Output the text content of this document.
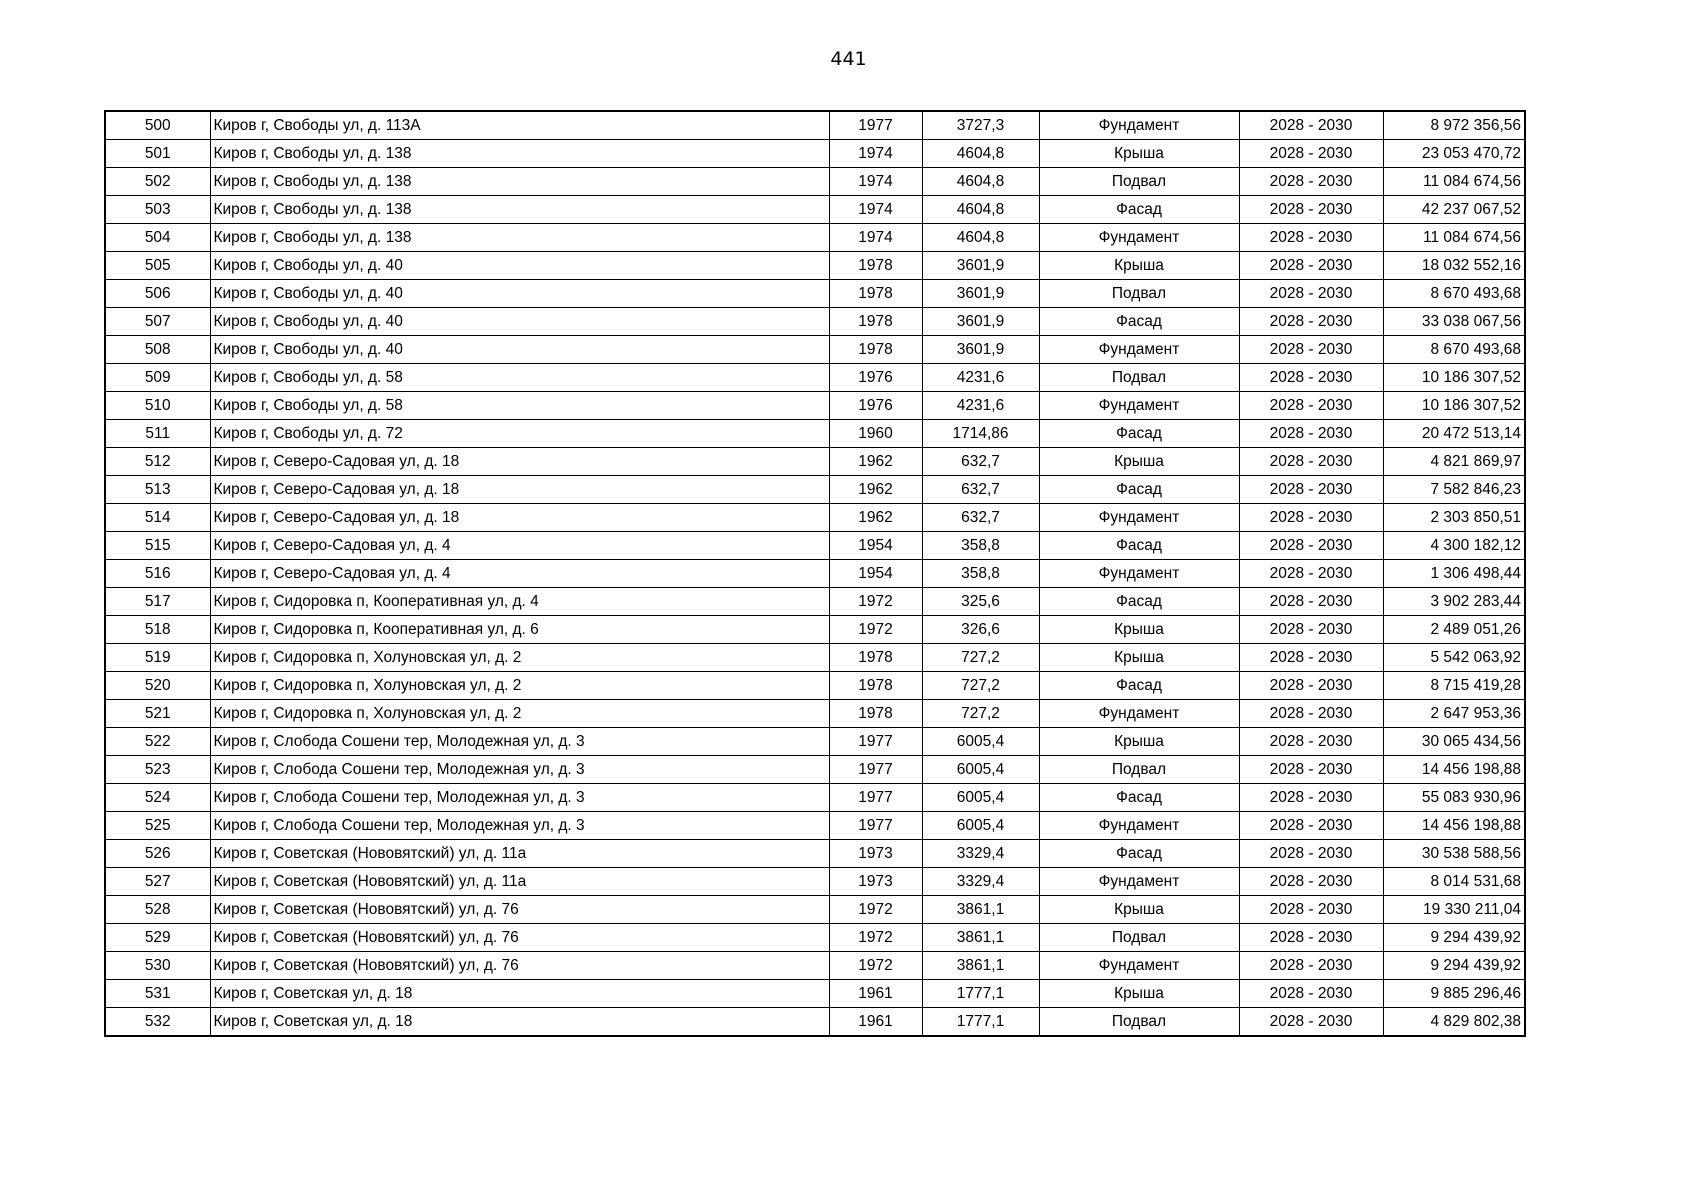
441
500	Киров г, Свободы ул, д. 113А	1977	3727,3	Фундамент	2028 - 2030	8 972 356,56
501	Киров г, Свободы ул, д. 138	1974	4604,8	Крыша	2028 - 2030	23 053 470,72
502	Киров г, Свободы ул, д. 138	1974	4604,8	Подвал	2028 - 2030	11 084 674,56
503	Киров г, Свободы ул, д. 138	1974	4604,8	Фасад	2028 - 2030	42 237 067,52
504	Киров г, Свободы ул, д. 138	1974	4604,8	Фундамент	2028 - 2030	11 084 674,56
505	Киров г, Свободы ул, д. 40	1978	3601,9	Крыша	2028 - 2030	18 032 552,16
506	Киров г, Свободы ул, д. 40	1978	3601,9	Подвал	2028 - 2030	8 670 493,68
507	Киров г, Свободы ул, д. 40	1978	3601,9	Фасад	2028 - 2030	33 038 067,56
508	Киров г, Свободы ул, д. 40	1978	3601,9	Фундамент	2028 - 2030	8 670 493,68
509	Киров г, Свободы ул, д. 58	1976	4231,6	Подвал	2028 - 2030	10 186 307,52
510	Киров г, Свободы ул, д. 58	1976	4231,6	Фундамент	2028 - 2030	10 186 307,52
511	Киров г, Свободы ул, д. 72	1960	1714,86	Фасад	2028 - 2030	20 472 513,14
512	Киров г, Северо-Садовая ул, д. 18	1962	632,7	Крыша	2028 - 2030	4 821 869,97
513	Киров г, Северо-Садовая ул, д. 18	1962	632,7	Фасад	2028 - 2030	7 582 846,23
514	Киров г, Северо-Садовая ул, д. 18	1962	632,7	Фундамент	2028 - 2030	2 303 850,51
515	Киров г, Северо-Садовая ул, д. 4	1954	358,8	Фасад	2028 - 2030	4 300 182,12
516	Киров г, Северо-Садовая ул, д. 4	1954	358,8	Фундамент	2028 - 2030	1 306 498,44
517	Киров г, Сидоровка п, Кооперативная ул, д. 4	1972	325,6	Фасад	2028 - 2030	3 902 283,44
518	Киров г, Сидоровка п, Кооперативная ул, д. 6	1972	326,6	Крыша	2028 - 2030	2 489 051,26
519	Киров г, Сидоровка п, Холуновская ул, д. 2	1978	727,2	Крыша	2028 - 2030	5 542 063,92
520	Киров г, Сидоровка п, Холуновская ул, д. 2	1978	727,2	Фасад	2028 - 2030	8 715 419,28
521	Киров г, Сидоровка п, Холуновская ул, д. 2	1978	727,2	Фундамент	2028 - 2030	2 647 953,36
522	Киров г, Слобода Сошени тер, Молодежная ул, д. 3	1977	6005,4	Крыша	2028 - 2030	30 065 434,56
523	Киров г, Слобода Сошени тер, Молодежная ул, д. 3	1977	6005,4	Подвал	2028 - 2030	14 456 198,88
524	Киров г, Слобода Сошени тер, Молодежная ул, д. 3	1977	6005,4	Фасад	2028 - 2030	55 083 930,96
525	Киров г, Слобода Сошени тер, Молодежная ул, д. 3	1977	6005,4	Фундамент	2028 - 2030	14 456 198,88
526	Киров г, Советская (Нововятский) ул, д. 11а	1973	3329,4	Фасад	2028 - 2030	30 538 588,56
527	Киров г, Советская (Нововятский) ул, д. 11а	1973	3329,4	Фундамент	2028 - 2030	8 014 531,68
528	Киров г, Советская (Нововятский) ул, д. 76	1972	3861,1	Крыша	2028 - 2030	19 330 211,04
529	Киров г, Советская (Нововятский) ул, д. 76	1972	3861,1	Подвал	2028 - 2030	9 294 439,92
530	Киров г, Советская (Нововятский) ул, д. 76	1972	3861,1	Фундамент	2028 - 2030	9 294 439,92
531	Киров г, Советская ул, д. 18	1961	1777,1	Крыша	2028 - 2030	9 885 296,46
532	Киров г, Советская ул, д. 18	1961	1777,1	Подвал	2028 - 2030	4 829 802,38
